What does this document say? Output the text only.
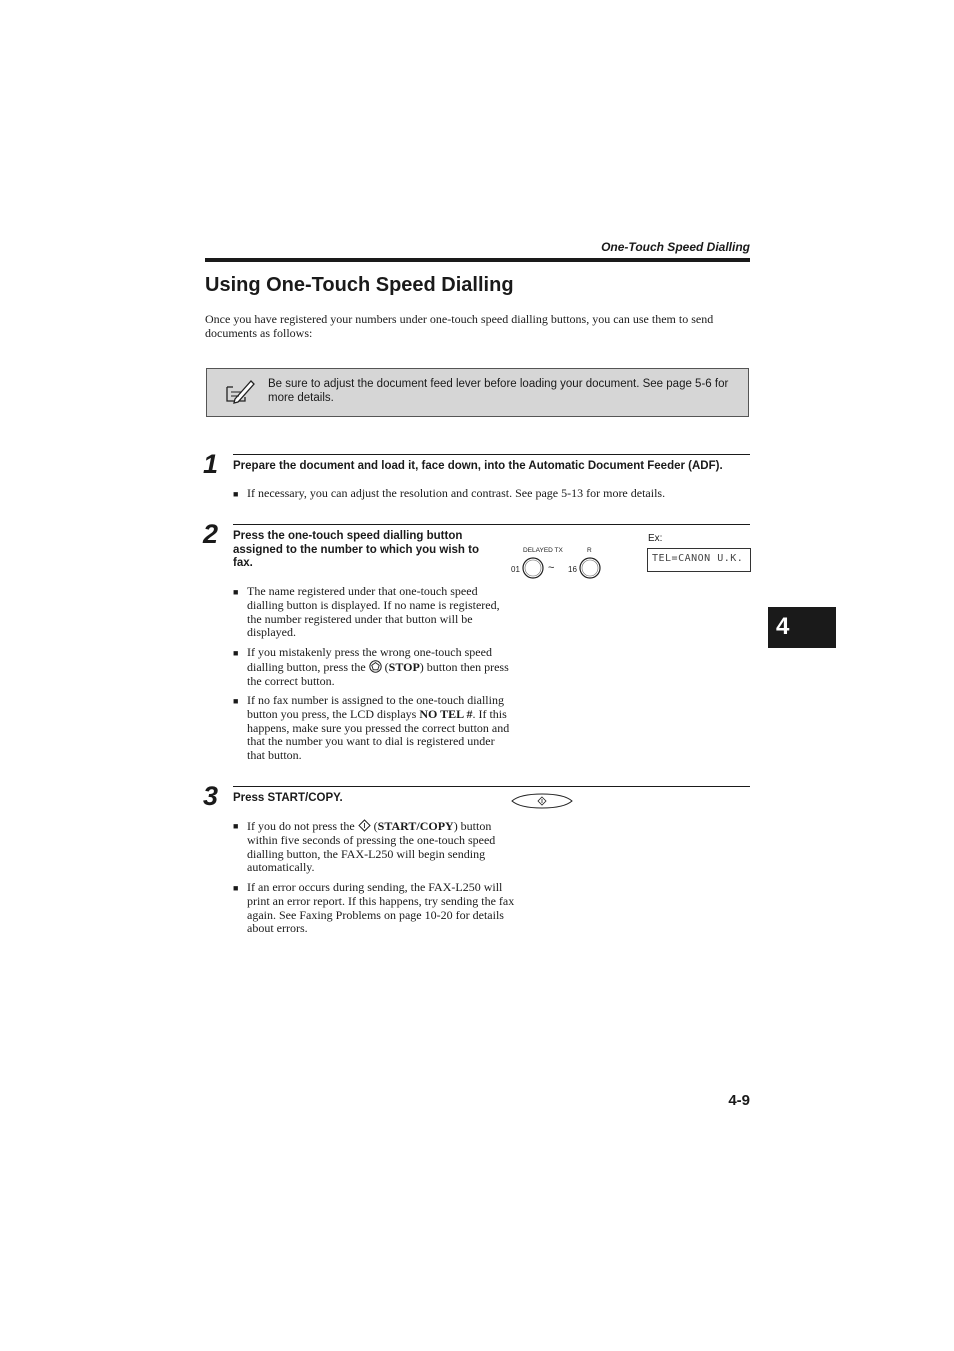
One-Touch Speed Dialling
Using One-Touch Speed Dialling
Once you have registered your numbers under one-touch speed dialling buttons, you can use them to send documents as follows:
Be sure to adjust the document feed lever before loading your document. See page 5-6 for more details.
1 Prepare the document and load it, face down, into the Automatic Document Feeder (ADF).
■ If necessary, you can adjust the resolution and contrast. See page 5-13 for more details.
2 Press the one-touch speed dialling button assigned to the number to which you wish to fax.
■ The name registered under that one-touch speed dialling button is displayed. If no name is registered, the number registered under that button will be displayed.
■ If you mistakenly press the wrong one-touch speed dialling button, press the  (STOP) button then press the correct button.
■ If no fax number is assigned to the one-touch dialling button you press, the LCD displays NO TEL #. If this happens, make sure you pressed the correct button and that the number you want to dial is registered under that button.
DELAYED TX	R
01	~ 16
Ex:
TEL=CANON U.K.
3 Press START/COPY.
■ If you do not press the  (START/COPY) button within five seconds of pressing the one-touch speed dialling button, the FAX-L250 will begin sending automatically.
■ If an error occurs during sending, the FAX-L250 will print an error report. If this happens, try sending the fax again. See Faxing Problems on page 10-20 for details about errors.
4
4-9
